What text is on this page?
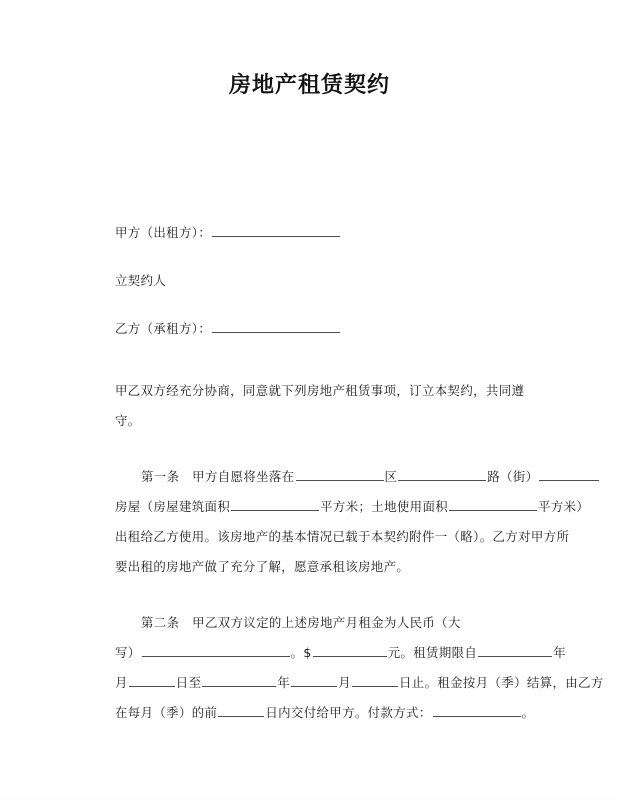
房地产租赁契约
甲方（出租方）：
立契约人
乙方（承租方）：
甲乙双方经充分协商，同意就下列房地产租赁事项，订立本契约，共同遵守。
第一条　甲方自愿将坐落在	区	路（街）
房屋（房屋建筑面积	平方米；土地使用面积	平方米）
出租给乙方使用。该房地产的基本情况已载于本契约附件一（略）。乙方对甲方所
要出租的房地产做了充分了解，愿意承租该房地产。
第二条　甲乙双方议定的上述房地产月租金为人民币（大
写）	。$	元。租赁期限自	年
月	日至	年	月	日止。租金按月（季）结算，由乙方
在每月（季）的前	日内交付给甲方。付款方式：	。
